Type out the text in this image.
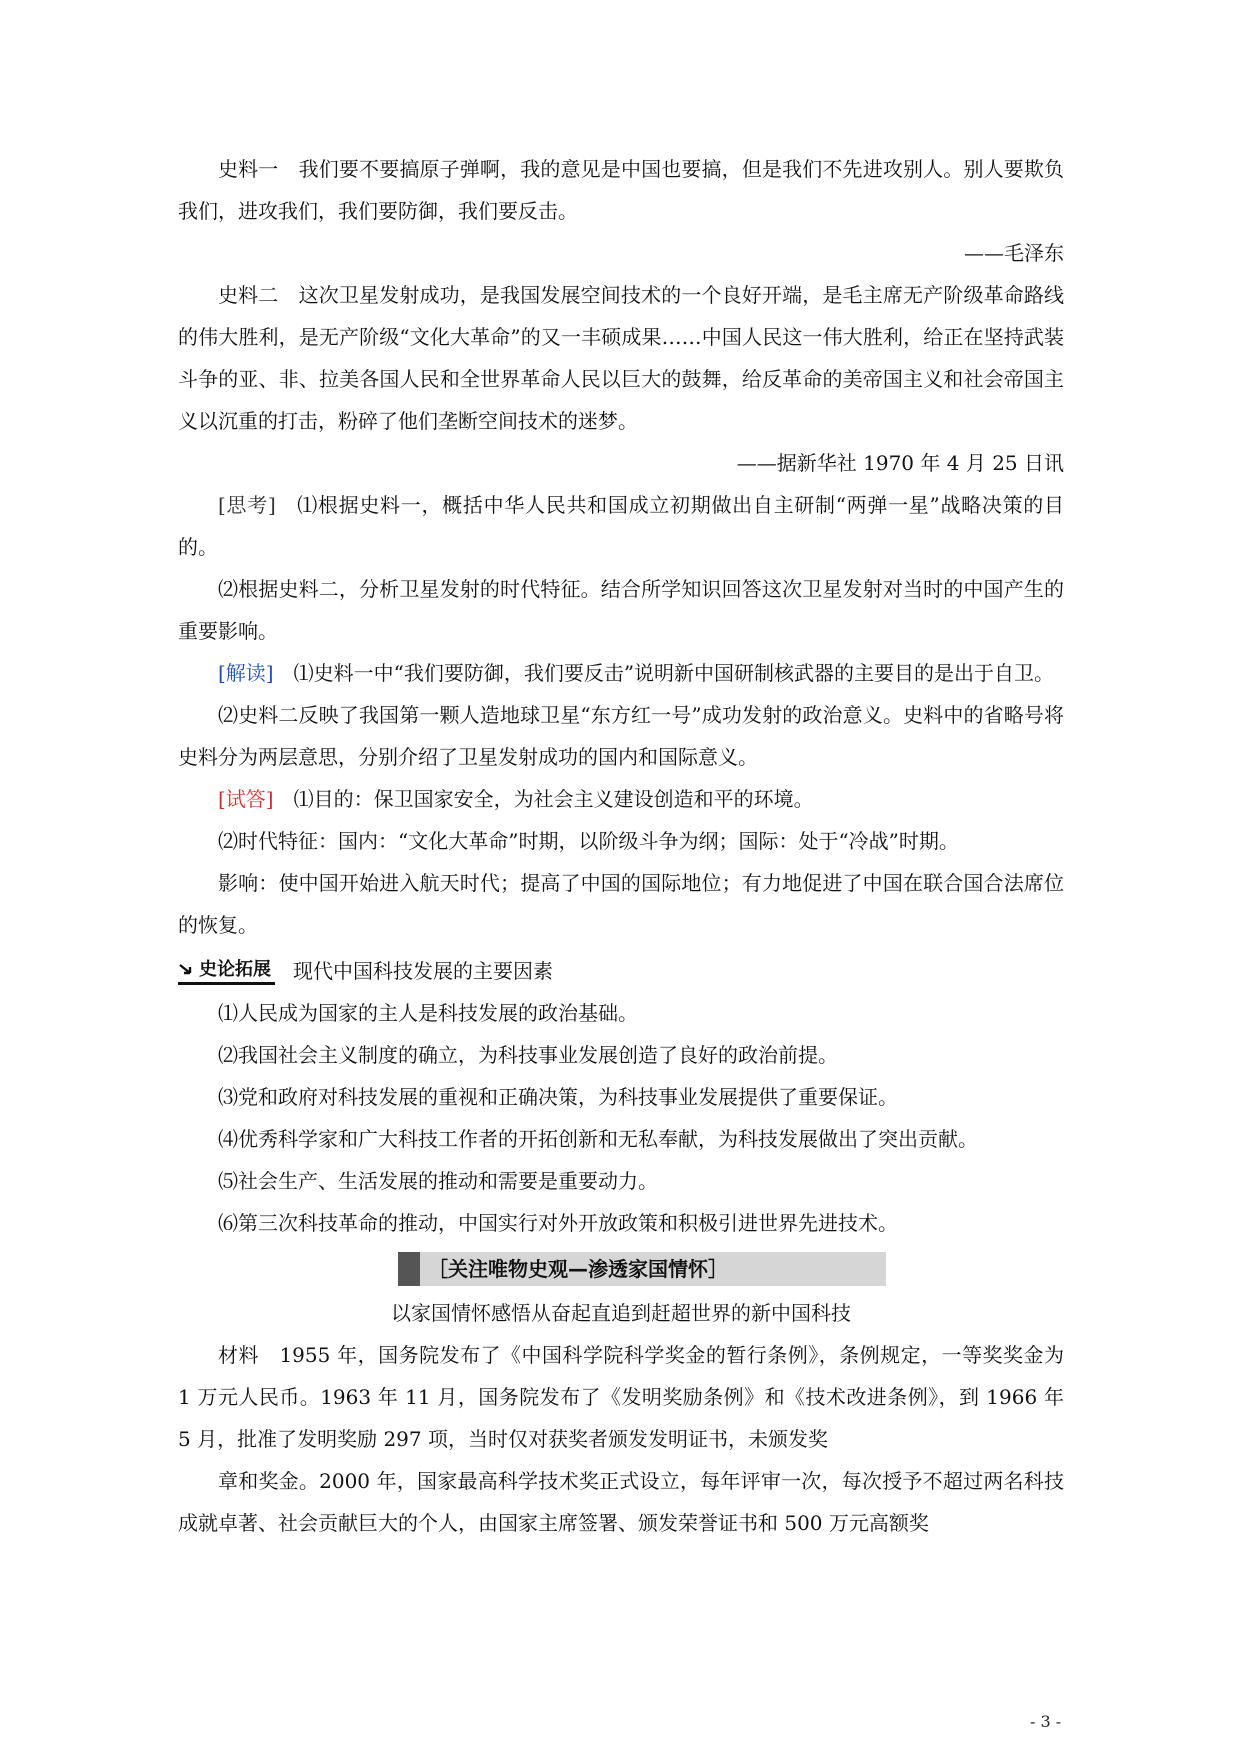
史料一　 我们要不要搞原子弹啊，我的意见是中国也要搞，但是我们不先进攻别人。别人要欺负我们，进攻我们，我们要防御，我们要反击。

——毛泽东

史料二　 这次卫星发射成功，是我国发展空间技术的一个良好开端，是毛主席无产阶级革命路线的伟大胜利，是无产阶级“文化大革命”的又一丰硕成果……中国人民这一伟大胜利，给正在坚持武装斗争的亚、非、拉美各国人民和全世界革命人民以巨大的鼓舞，给反革命的美帝国主义和社会帝国主义以沉重的打击，粉碎了他们垄断空间技术的迷梦。

——据新华社 1970 年 4 月 25 日讯

[思考]　 ⑴根据史料一，概括中华人民共和国成立初期做出自主研制“两弹一星”战略决策的目的。

⑵根据史料二，分析卫星发射的时代特征。结合所学知识回答这次卫星发射对当时的中国产生的重要影响。

[解读]　 ⑴史料一中“我们要防御，我们要反击”说明新中国研制核武器的主要目的是出于自卫。

⑵史料二反映了我国第一颗人造地球卫星“东方红一号”成功发射的政治意义。史料中的省略号将史料分为两层意思，分别介绍了卫星发射成功的国内和国际意义。

[试答]　 ⑴目的：保卫国家安全，为社会主义建设创造和平的环境。

⑵时代特征：国内：“文化大革命”时期，以阶级斗争为纲；国际：处于“冷战”时期。

影响：使中国开始进入航天时代；提高了中国的国际地位；有力地促进了中国在联合国合法席位的恢复。

史论拓展 现代中国科技发展的主要因素

⑴人民成为国家的主人是科技发展的政治基础。

⑵我国社会主义制度的确立，为科技事业发展创造了良好的政治前提。

⑶党和政府对科技发展的重视和正确决策，为科技事业发展提供了重要保证。

⑷优秀科学家和广大科技工作者的开拓创新和无私奉献，为科技发展做出了突出贡献。

⑸社会生产、生活发展的推动和需要是重要动力。

⑹第三次科技革命的推动，中国实行对外开放政策和积极引进世界先进技术。

［关注唯物史观—渗透家国情怀］

以家国情怀感悟从奋起直追到赶超世界的新中国科技

材料　 1955 年，国务院发布了《中国科学院科学奖金的暂行条例》，条例规定，一等奖奖金为 1 万元人民币。1963 年 11 月，国务院发布了《发明奖励条例》和《技术改进条例》，到 1966 年 5 月，批准了发明奖励 297 项，当时仅对获奖者颁发发明证书，未颁发奖

章和奖金。2000 年，国家最高科学技术奖正式设立，每年评审一次，每次授予不超过两名科技成就卓著、社会贡献巨大的个人，由国家主席签署、颁发荣誉证书和 500 万元高额奖

- 3 -
